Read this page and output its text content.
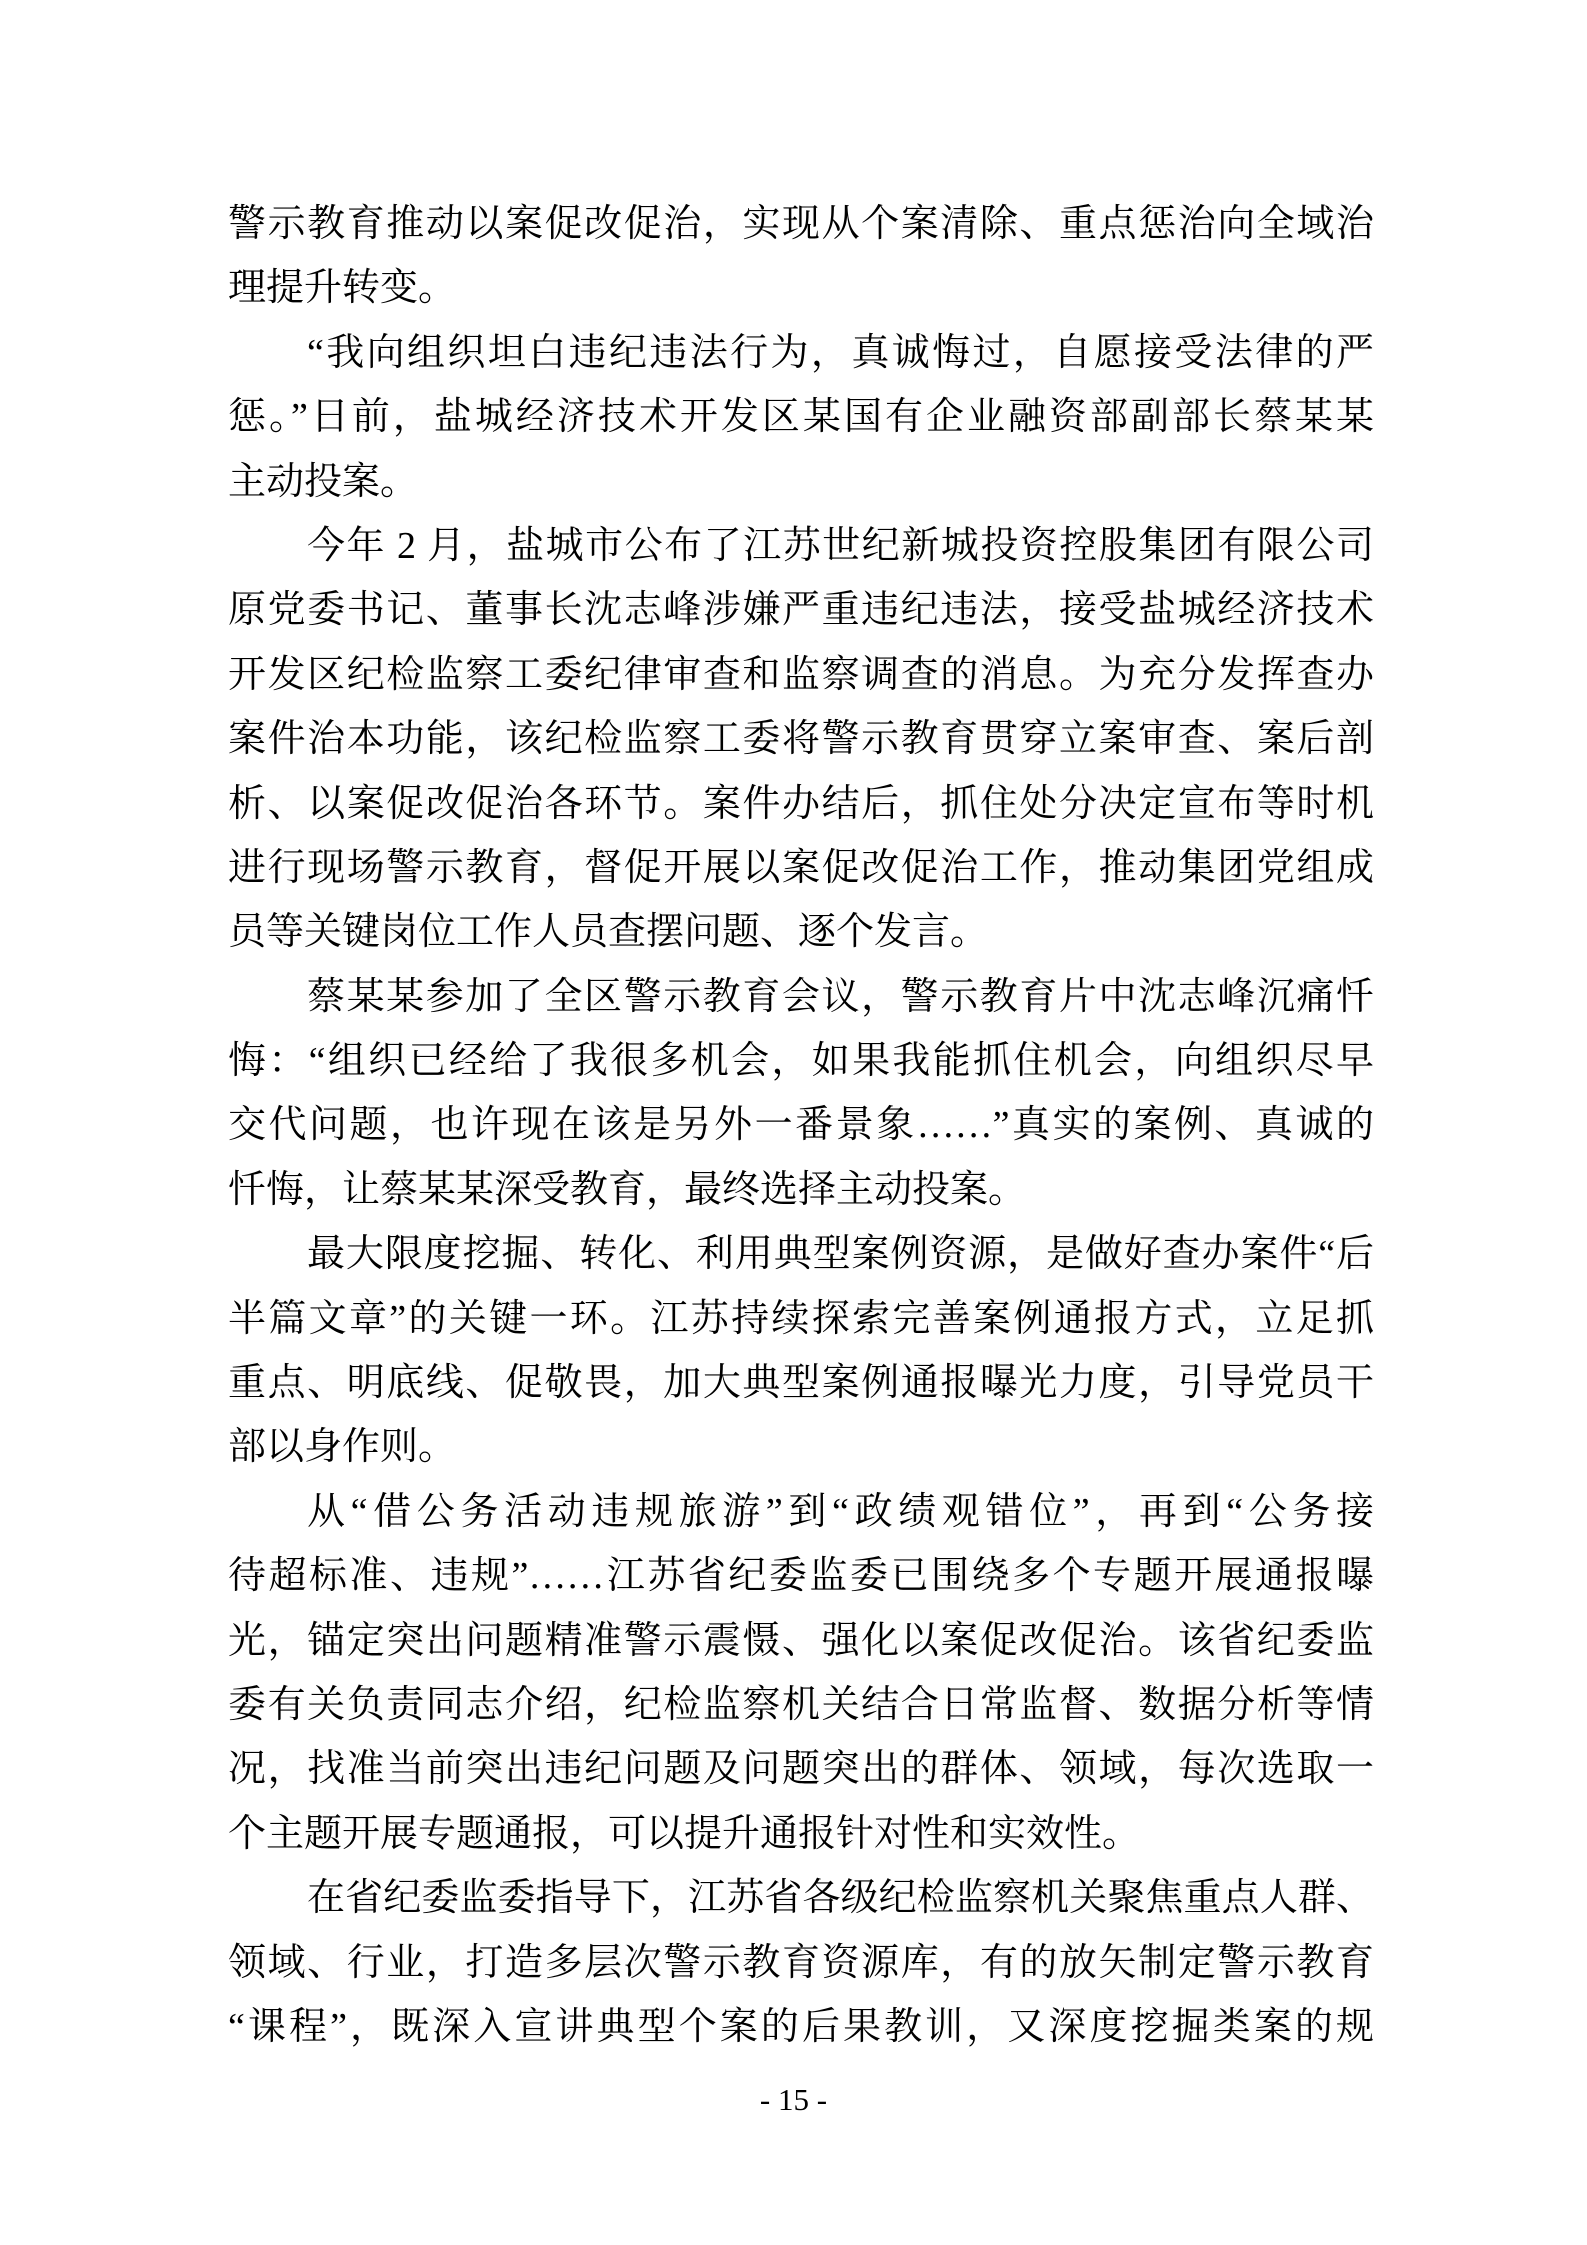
警示教育推动以案促改促治，实现从个案清除、重点惩治向全域治
理提升转变。
“我向组织坦白违纪违法行为，真诚悔过，自愿接受法律的严
惩。”日前，盐城经济技术开发区某国有企业融资部副部长蔡某某
主动投案。
今年 2 月，盐城市公布了江苏世纪新城投资控股集团有限公司
原党委书记、董事长沈志峰涉嫌严重违纪违法，接受盐城经济技术
开发区纪检监察工委纪律审查和监察调查的消息。为充分发挥查办
案件治本功能，该纪检监察工委将警示教育贯穿立案审查、案后剖
析、以案促改促治各环节。案件办结后，抓住处分决定宣布等时机
进行现场警示教育，督促开展以案促改促治工作，推动集团党组成
员等关键岗位工作人员查摆问题、逐个发言。
蔡某某参加了全区警示教育会议，警示教育片中沈志峰沉痛忏
悔：“组织已经给了我很多机会，如果我能抓住机会，向组织尽早
交代问题，也许现在该是另外一番景象……”真实的案例、真诚的
忏悔，让蔡某某深受教育，最终选择主动投案。
最大限度挖掘、转化、利用典型案例资源，是做好查办案件“后
半篇文章”的关键一环。江苏持续探索完善案例通报方式，立足抓
重点、明底线、促敬畏，加大典型案例通报曝光力度，引导党员干
部以身作则。
从“借公务活动违规旅游”到“政绩观错位”，再到“公务接
待超标准、违规”……江苏省纪委监委已围绕多个专题开展通报曝
光，锚定突出问题精准警示震慑、强化以案促改促治。该省纪委监
委有关负责同志介绍，纪检监察机关结合日常监督、数据分析等情
况，找准当前突出违纪问题及问题突出的群体、领域，每次选取一
个主题开展专题通报，可以提升通报针对性和实效性。
在省纪委监委指导下，江苏省各级纪检监察机关聚焦重点人群、
领域、行业，打造多层次警示教育资源库，有的放矢制定警示教育
“课程”，既深入宣讲典型个案的后果教训，又深度挖掘类案的规
- 15 -
